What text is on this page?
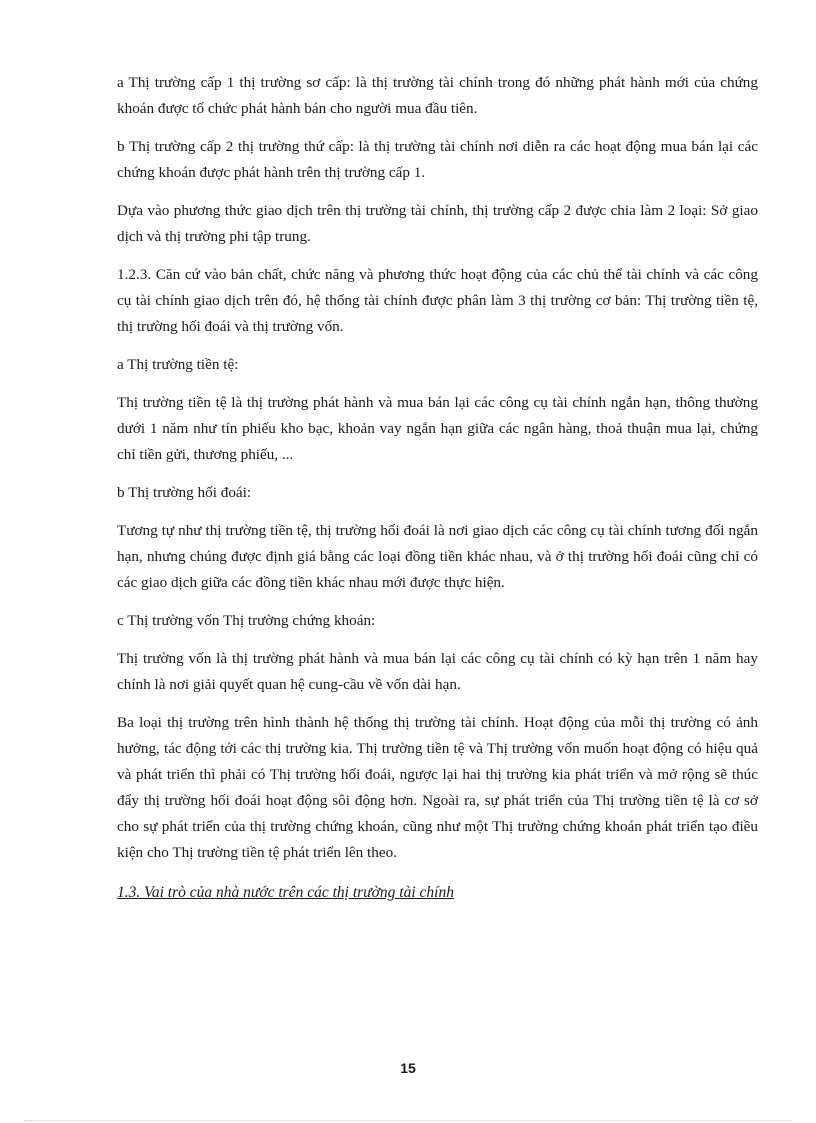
a Thị trường cấp 1 thị trường sơ cấp: là thị trường tài chính trong đó những phát hành mới của chứng khoán được tổ chức phát hành bán cho người mua đầu tiên.

b Thị trường cấp 2 thị trường thứ cấp: là thị trường tài chính nơi diễn ra các hoạt động mua bán lại các chứng khoán được phát hành trên thị trường cấp 1.

Dựa vào phương thức giao dịch trên thị trường tài chính, thị trường cấp 2 được chia làm 2 loại: Sở giao dịch và thị trường phi tập trung.

1.2.3. Căn cứ vào bản chất, chức năng và phương thức hoạt động của các chủ thể tài chính và các công cụ tài chính giao dịch trên đó, hệ thống tài chính được phân làm 3 thị trường cơ bản: Thị trường tiền tệ, thị trường hối đoái và thị trường vốn.

a Thị trường tiền tệ:

Thị trường tiền tệ là thị trường phát hành và mua bán lại các công cụ tài chính ngắn hạn, thông thường dưới 1 năm như tín phiếu kho bạc, khoản vay ngắn hạn giữa các ngân hàng, thoả thuận mua lại, chứng chỉ tiền gửi, thương phiếu, ...

b Thị trường hối đoái:

Tương tự như thị trường tiền tệ, thị trường hối đoái là nơi giao dịch các công cụ tài chính tương đối ngắn hạn, nhưng chúng được định giá bằng các loại đồng tiền khác nhau, và ở thị trường hối đoái cũng chỉ có các giao dịch giữa các đồng tiền khác nhau mới được thực hiện.

c Thị trường vốn Thị trường chứng khoán:

Thị trường vốn là thị trường phát hành và mua bán lại các công cụ tài chính có kỳ hạn trên 1 năm hay chính là nơi giải quyết quan hệ cung-cầu về vốn dài hạn.

Ba loại thị trường trên hình thành hệ thống thị trường tài chính. Hoạt động của mỗi thị trường có ảnh hưởng, tác động tới các thị trường kia. Thị trường tiền tệ và Thị trường vốn muốn hoạt động có hiệu quả và phát triển thì phải có Thị trường hối đoái, ngược lại hai thị trường kia phát triển và mở rộng sẽ thúc đẩy thị trường hối đoái hoạt động sôi động hơn. Ngoài ra, sự phát triển của Thị trường tiền tệ là cơ sở cho sự phát triển của thị trường chứng khoán, cũng như một Thị trường chứng khoán phát triển tạo điều kiện cho Thị trường tiền tệ phát triển lên theo.

1.3. Vai trò của nhà nước trên các thị trường tài chính
15
